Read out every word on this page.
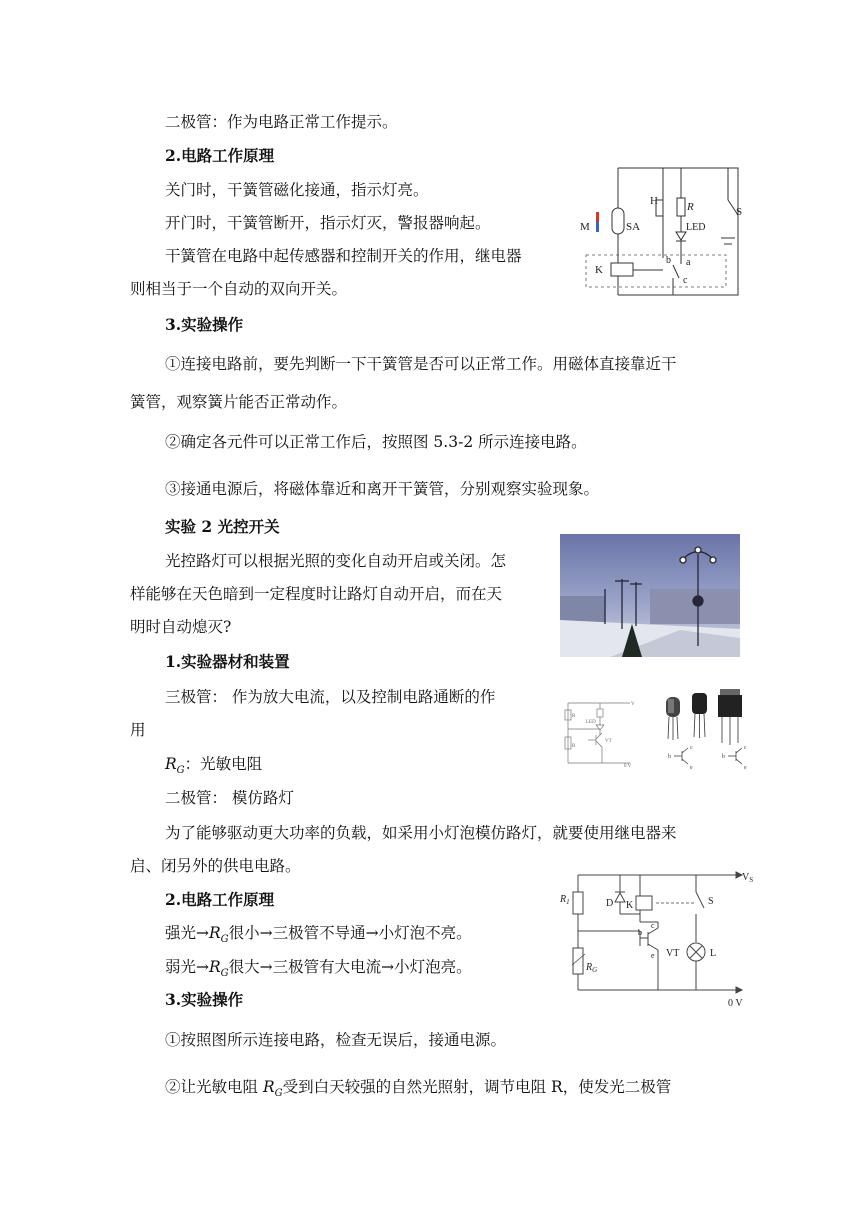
二极管：作为电路正常工作提示。
2.电路工作原理
关门时，干簧管磁化接通，指示灯亮。
开门时，干簧管断开，指示灯灭，警报器响起。
干簧管在电路中起传感器和控制开关的作用，继电器
则相当于一个自动的双向开关。
3.实验操作
①连接电路前，要先判断一下干簧管是否可以正常工作。用磁体直接靠近干
簧管，观察簧片能否正常动作。
②确定各元件可以正常工作后，按照图 5.3-2 所示连接电路。
③接通电源后，将磁体靠近和离开干簧管，分别观察实验现象。
M	SA
H	R
LED
S
K
b a
c
实验 2 光控开关
光控路灯可以根据光照的变化自动开启或关闭。怎
样能够在天色暗到一定程度时让路灯自动开启，而在天
明时自动熄灭?
1.实验器材和装置
三极管： 作为放大电流，以及控制电路通断的作
用
$R_G$：光敏电阻
二极管： 模仿路灯
为了能够驱动更大功率的负载，如采用小灯泡模仿路灯，就要使用继电器来
启、闭另外的供电电路。
2.电路工作原理
强光$\to R_G$很小→三极管不导通→小灯泡不亮。
弱光$\to R_G$很大→三极管有大电流→小灯泡亮。
3.实验操作
①按照图所示连接电路，检查无误后，接通电源。
②让光敏电阻 $R_G$受到白天较强的自然光照射，调节电阻 R，使发光二极管
R
LED
VT
V
0 V
R
b
c
e
b
c
e
$V_S$
$R_1$	D K	S
c
b
e VT	L
$R_G$
0 V
